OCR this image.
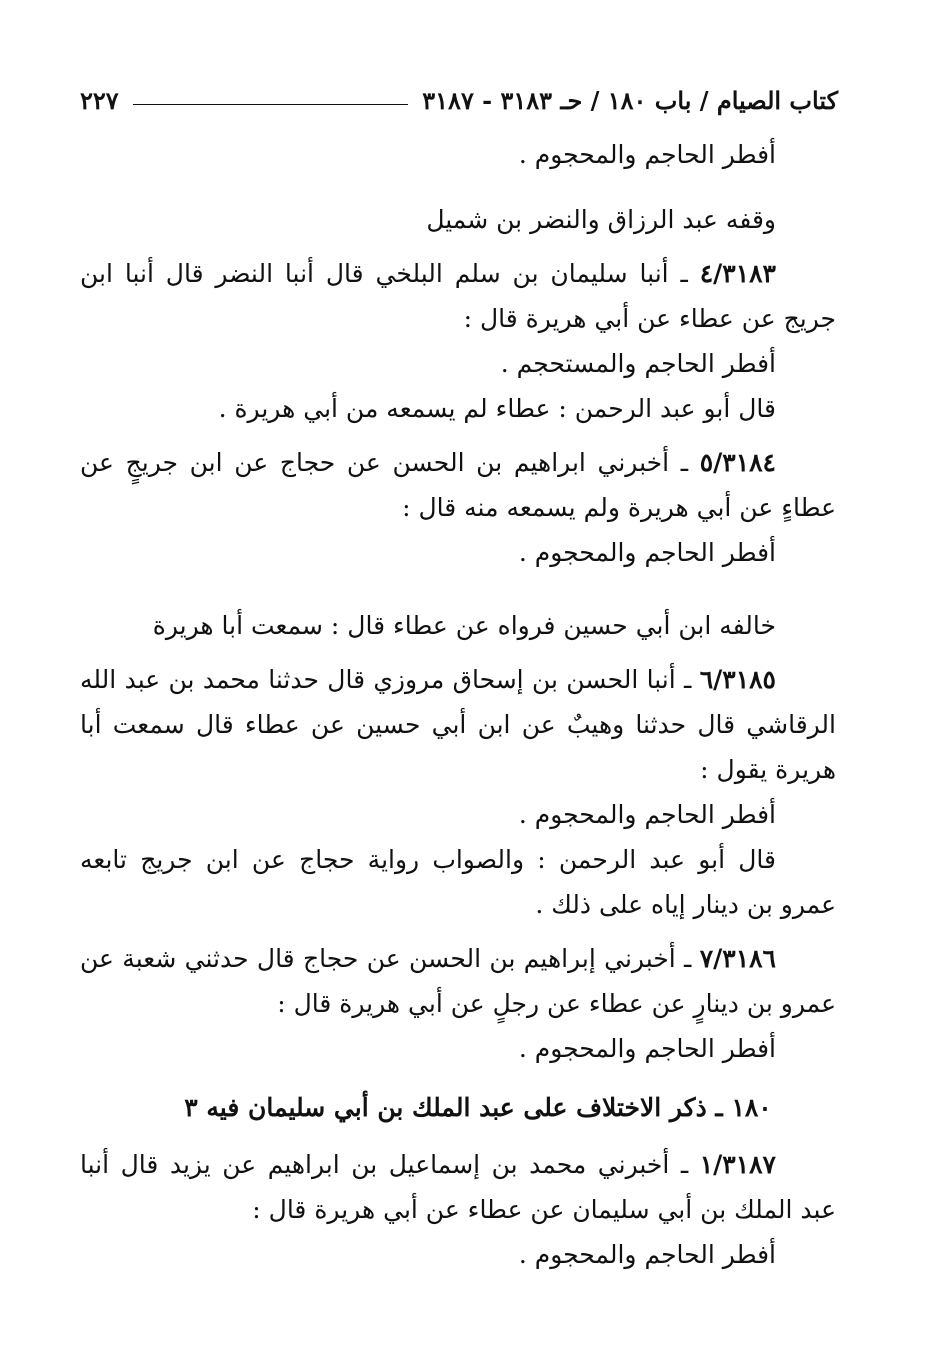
كتاب الصيام / باب ١٨٠ / حـ ٣١٨٣ - ٣١٨٧
٢٢٧

أفطر الحاجم والمحجوم .

وقفه عبد الرزاق والنضر بن شميل

٤/٣١٨٣ ـ أنبا سليمان بن سلم البلخي قال أنبا النضر قال أنبا ابن جريج عن عطاء عن أبي هريرة قال :

أفطر الحاجم والمستحجم .

قال أبو عبد الرحمن : عطاء لم يسمعه من أبي هريرة .

٥/٣١٨٤ ـ أخبرني ابراهيم بن الحسن عن حجاج عن ابن جريجٍ عن عطاءٍ عن أبي هريرة ولم يسمعه منه قال :

أفطر الحاجم والمحجوم .

خالفه ابن أبي حسين فرواه عن عطاء قال : سمعت أبا هريرة

٦/٣١٨٥ ـ أنبا الحسن بن إسحاق مروزي قال حدثنا محمد بن عبد الله الرقاشي قال حدثنا وهيبٌ عن ابن أبي حسين عن عطاء قال سمعت أبا هريرة يقول :

أفطر الحاجم والمحجوم .

قال أبو عبد الرحمن : والصواب رواية حجاج عن ابن جريج تابعه عمرو بن دينار إياه على ذلك .

٧/٣١٨٦ ـ أخبرني إبراهيم بن الحسن عن حجاج قال حدثني شعبة عن عمرو بن دينارٍ عن عطاء عن رجلٍ عن أبي هريرة قال :

أفطر الحاجم والمحجوم .

١٨٠ ـ ذكر الاختلاف على عبد الملك بن أبي سليمان فيه ٣

١/٣١٨٧ ـ أخبرني محمد بن إسماعيل بن ابراهيم عن يزيد قال أنبا عبد الملك بن أبي سليمان عن عطاء عن أبي هريرة قال :

أفطر الحاجم والمحجوم .
